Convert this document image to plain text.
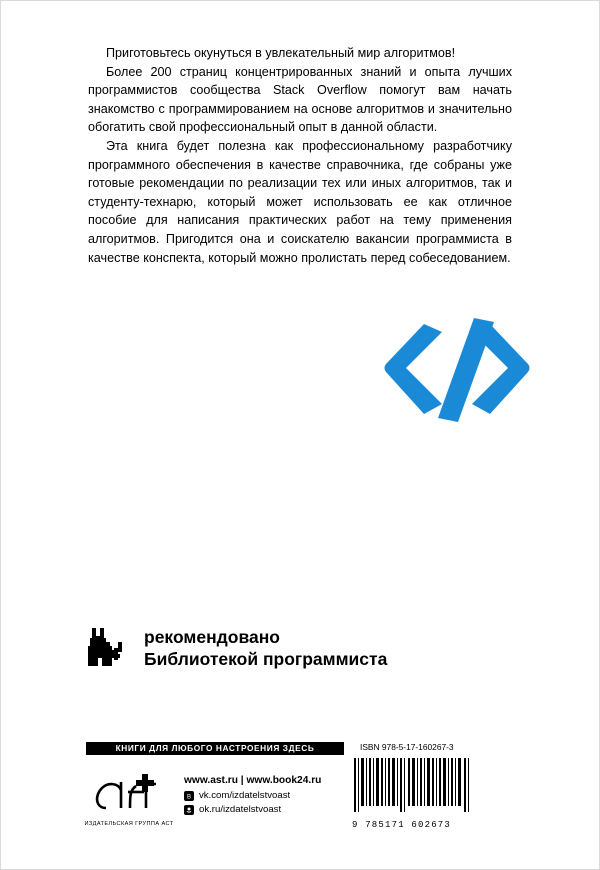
Приготовьтесь окунуться в увлекательный мир алгоритмов!

Более 200 страниц концентрированных знаний и опыта лучших программистов сообщества Stack Overflow помогут вам начать знакомство с программированием на основе алгоритмов и значительно обогатить свой профессиональный опыт в данной области.

Эта книга будет полезна как профессиональному разработчику программного обеспечения в качестве справочника, где собраны уже готовые рекомендации по реализации тех или иных алгоритмов, так и студенту-технарю, который может использовать ее как отличное пособие для написания практических работ на тему применения алгоритмов. Пригодится она и соискателю вакансии программиста в качестве конспекта, который можно пролистать перед собеседованием.

рекомендовано
Библиотекой программиста
КНИГИ ДЛЯ ЛЮБОГО НАСТРОЕНИЯ ЗДЕСЬ
ИЗДАТЕЛЬСКАЯ ГРУППА АСТ
www.ast.ru | www.book24.ru
B vk.com/izdatelstvoast
ok.ru/izdatelstvoast
ISBN 978-5-17-160267-3
9 785171 602673
